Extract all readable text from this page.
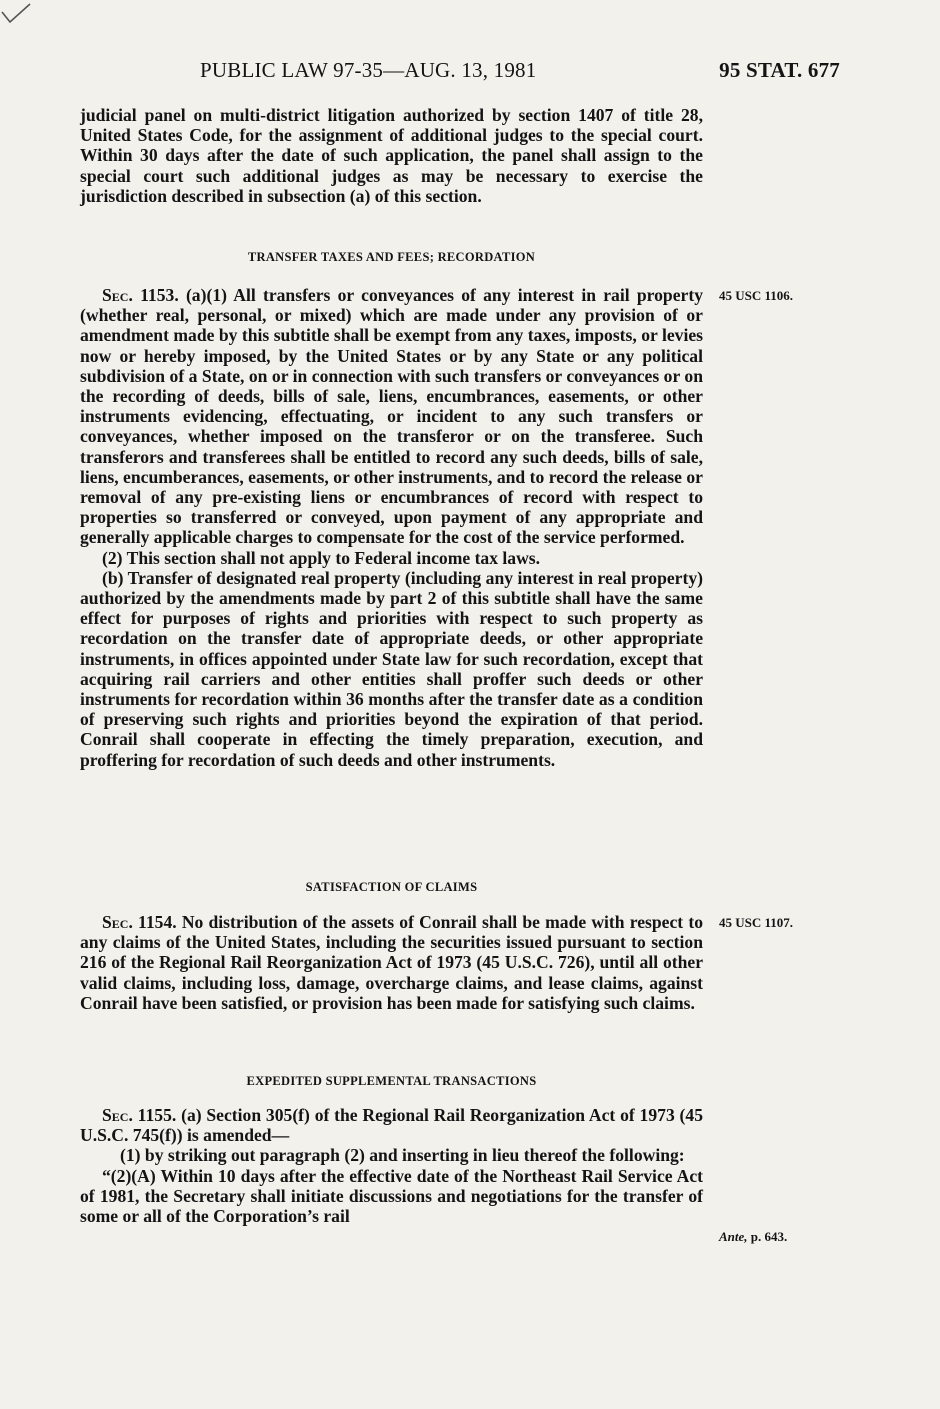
PUBLIC LAW 97-35—AUG. 13, 1981	95 STAT. 677

judicial panel on multi-district litigation authorized by section 1407 of title 28, United States Code, for the assignment of additional judges to the special court. Within 30 days after the date of such application, the panel shall assign to the special court such additional judges as may be necessary to exercise the jurisdiction described in subsection (a) of this section.

TRANSFER TAXES AND FEES; RECORDATION

Sec. 1153. (a)(1) All transfers or conveyances of any interest in rail property (whether real, personal, or mixed) which are made under any provision of or amendment made by this subtitle shall be exempt from any taxes, imposts, or levies now or hereby imposed, by the United States or by any State or any political subdivision of a State, on or in connection with such transfers or conveyances or on the recording of deeds, bills of sale, liens, encumbrances, easements, or other instruments evidencing, effectuating, or incident to any such transfers or conveyances, whether imposed on the transferor or on the transferee. Such transferors and transferees shall be entitled to record any such deeds, bills of sale, liens, encumberances, easements, or other instruments, and to record the release or removal of any pre-existing liens or encumbrances of record with respect to properties so transferred or conveyed, upon payment of any appropriate and generally applicable charges to compensate for the cost of the service performed.

(2) This section shall not apply to Federal income tax laws.

(b) Transfer of designated real property (including any interest in real property) authorized by the amendments made by part 2 of this subtitle shall have the same effect for purposes of rights and priorities with respect to such property as recordation on the transfer date of appropriate deeds, or other appropriate instruments, in offices appointed under State law for such recordation, except that acquiring rail carriers and other entities shall proffer such deeds or other instruments for recordation within 36 months after the transfer date as a condition of preserving such rights and priorities beyond the expiration of that period. Conrail shall cooperate in effecting the timely preparation, execution, and proffering for recordation of such deeds and other instruments.

SATISFACTION OF CLAIMS

Sec. 1154. No distribution of the assets of Conrail shall be made with respect to any claims of the United States, including the securities issued pursuant to section 216 of the Regional Rail Reorganization Act of 1973 (45 U.S.C. 726), until all other valid claims, including loss, damage, overcharge claims, and lease claims, against Conrail have been satisfied, or provision has been made for satisfying such claims.

EXPEDITED SUPPLEMENTAL TRANSACTIONS

Sec. 1155. (a) Section 305(f) of the Regional Rail Reorganization Act of 1973 (45 U.S.C. 745(f)) is amended—

(1) by striking out paragraph (2) and inserting in lieu thereof the following:

“(2)(A) Within 10 days after the effective date of the Northeast Rail Service Act of 1981, the Secretary shall initiate discussions and negotiations for the transfer of some or all of the Corporation’s rail

45 USC 1106.
45 USC 1107.
Ante, p. 643.
